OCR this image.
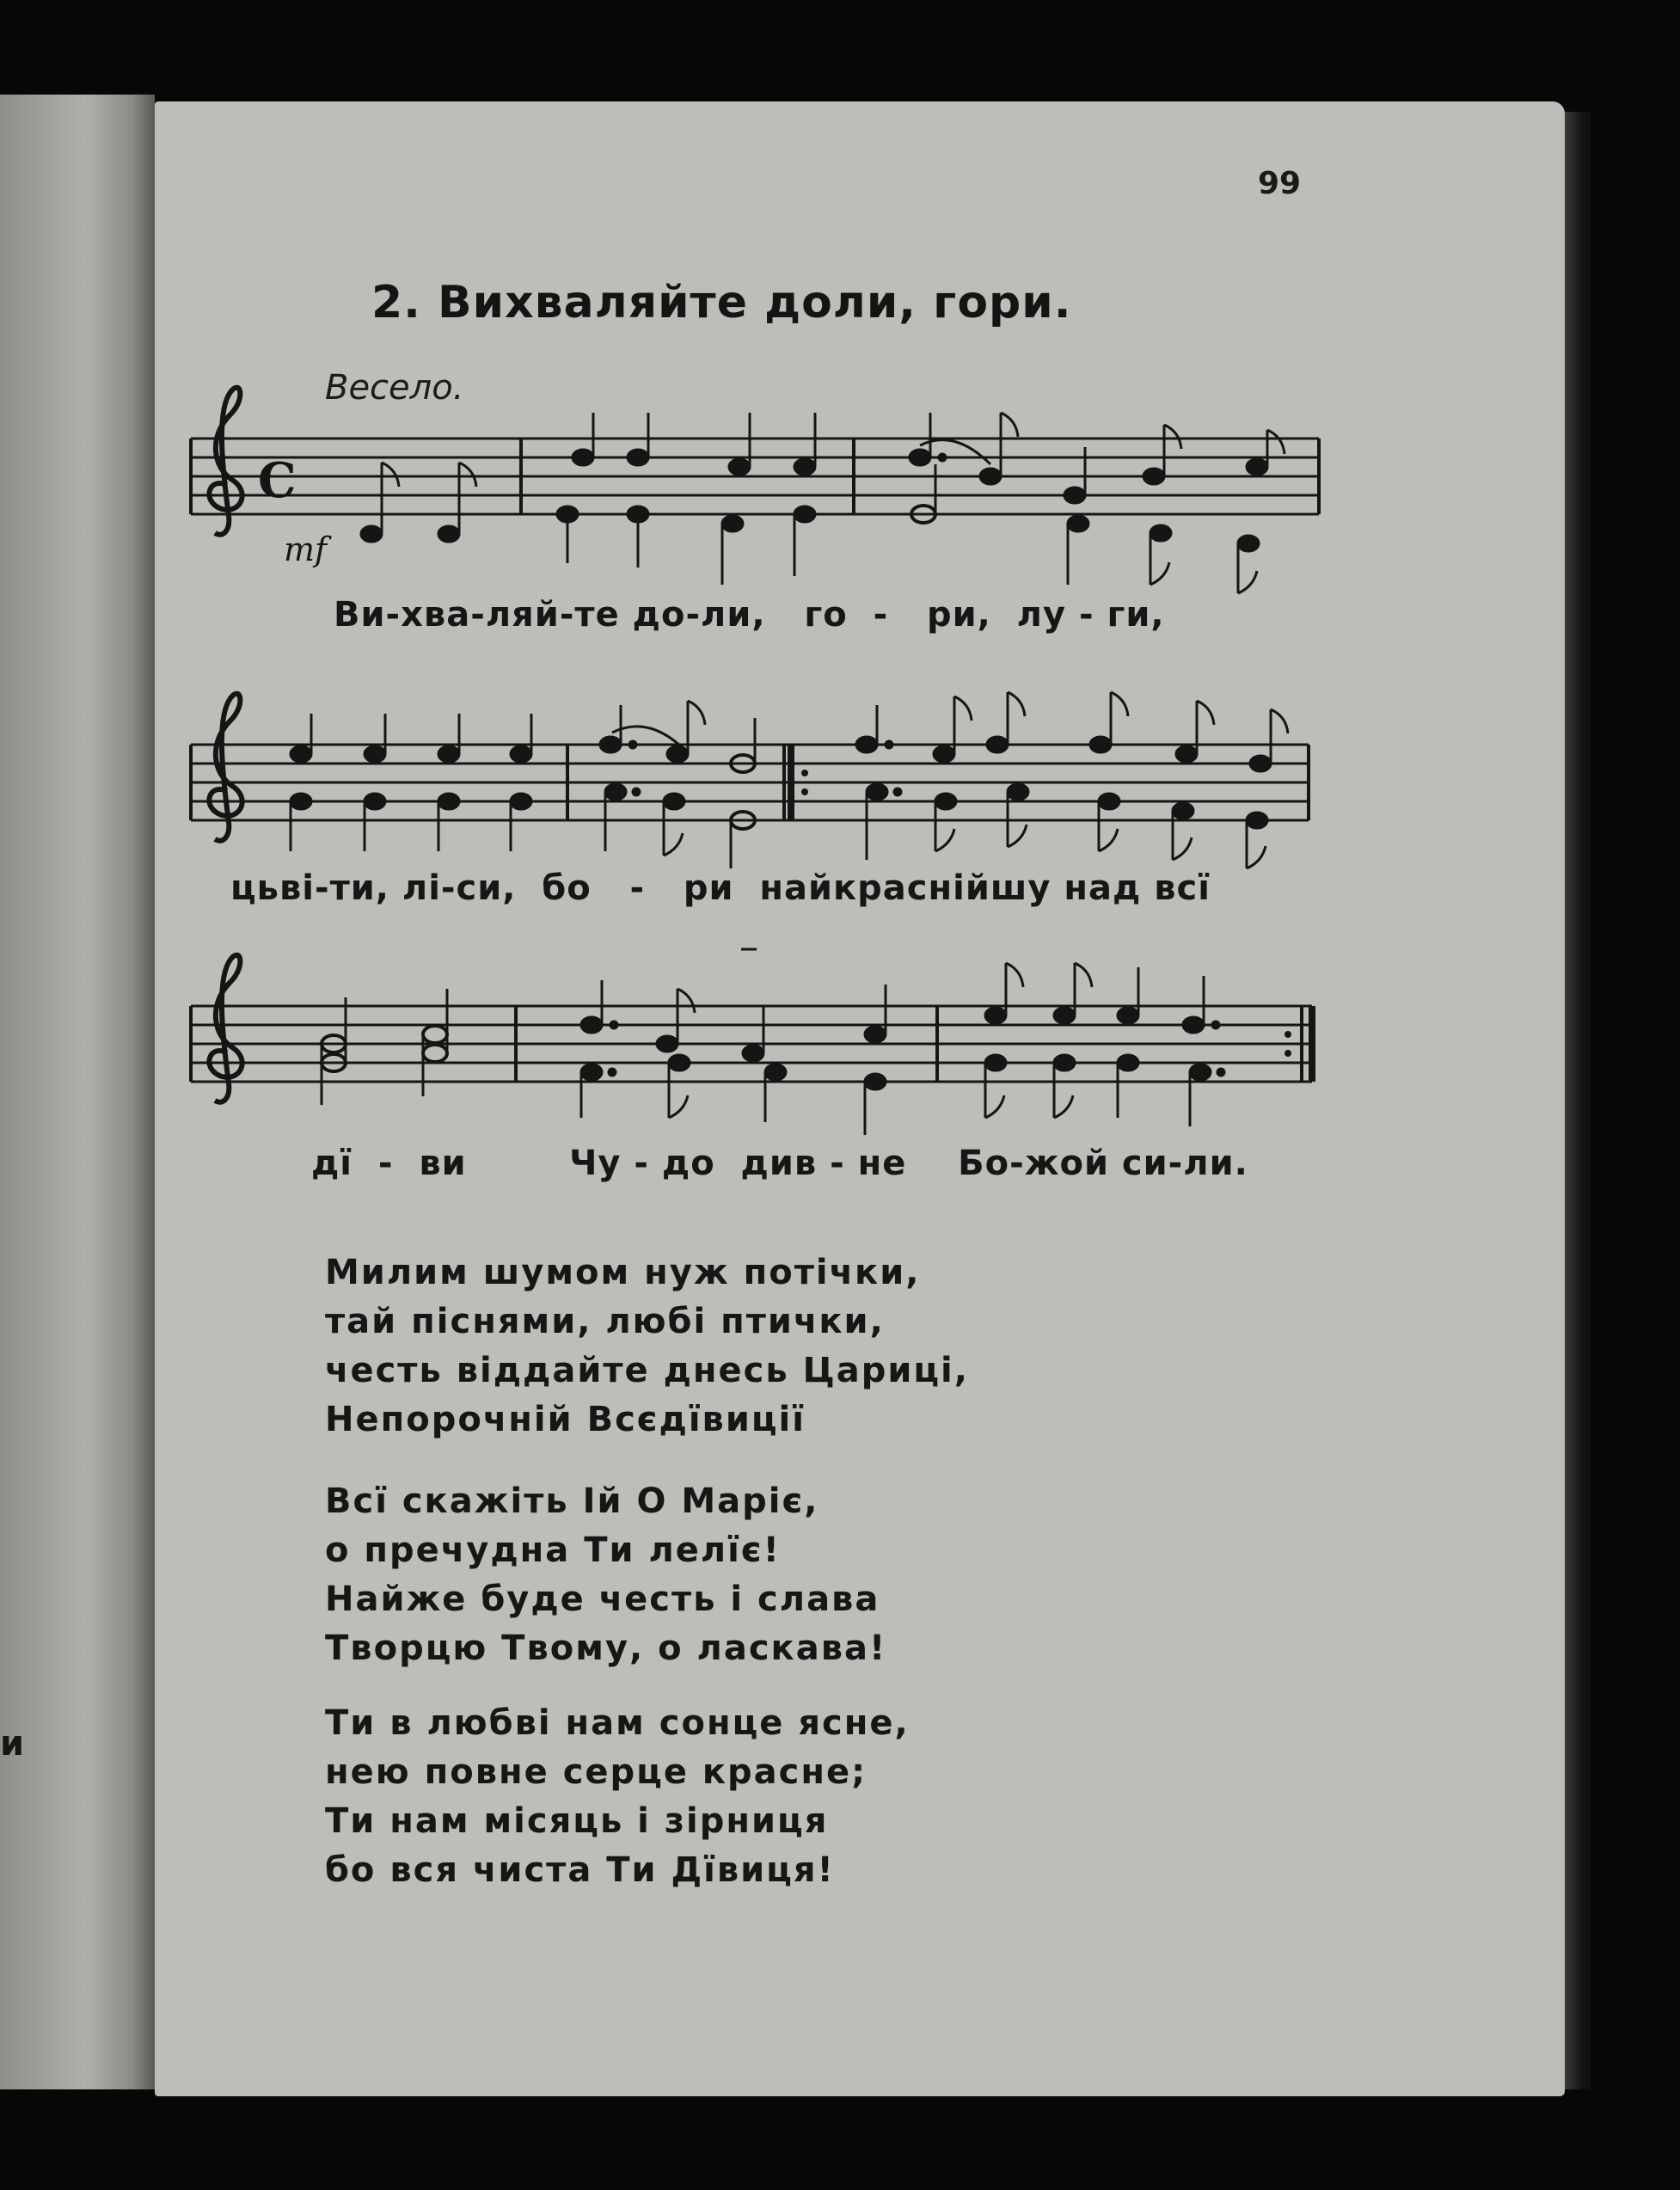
и
99
2. Вихваляйте доли, гори.
Весело.
C
mf
Ви-хва-ляй-те до-ли,   го  -   ри,  лу - ги,
цьві-ти, лі-си,  бо   -   ри  найкраснійшу над всї
дї  -  ви        Чу - до  див - не    Бо-жой си-ли.
Милим шумом нуж потічки,
тай піснями, любі птички,
честь віддайте днесь Цариці,
Непорочній Всєдївиції
Всї скажіть Ій О Маріє,
о пречудна Ти лелїє!
Найже буде честь і слава
Творцю Твому, о ласкава!
Ти в любві нам сонце ясне,
нею повне серце красне;
Ти нам місяць і зірниця
бо вся чиста Ти Дївиця!
